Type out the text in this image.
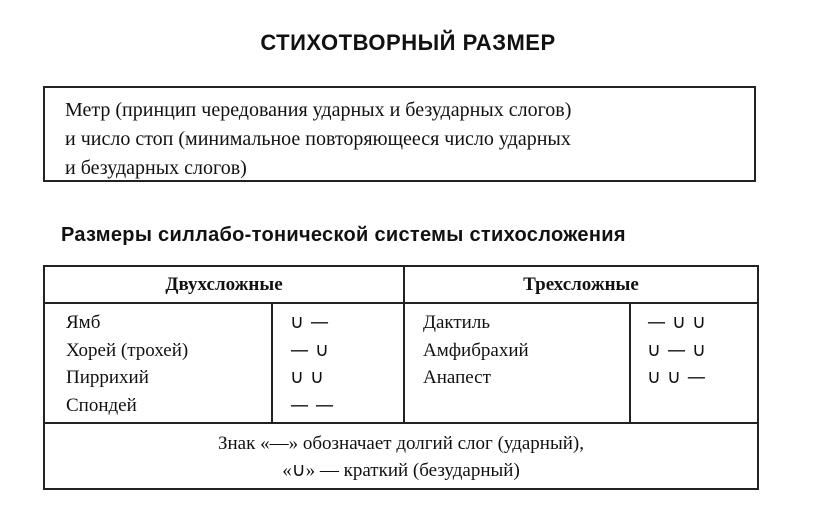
СТИХОТВОРНЫЙ РАЗМЕР
Метр (принцип чередования ударных и безударных слогов)
и число стоп (минимальное повторяющееся число ударных
и безударных слогов)
Размеры силлабо-тонической системы стихосложения
Двухсложные	Трехсложные
Ямб
Хорей (трохей)
Пиррихий
Спондей
∪ —
— ∪
∪ ∪
— —
Дактиль
Амфибрахий
Анапест
— ∪ ∪
∪ — ∪
∪ ∪ —
Знак «—» обозначает долгий слог (ударный),
«∪» — краткий (безударный)
